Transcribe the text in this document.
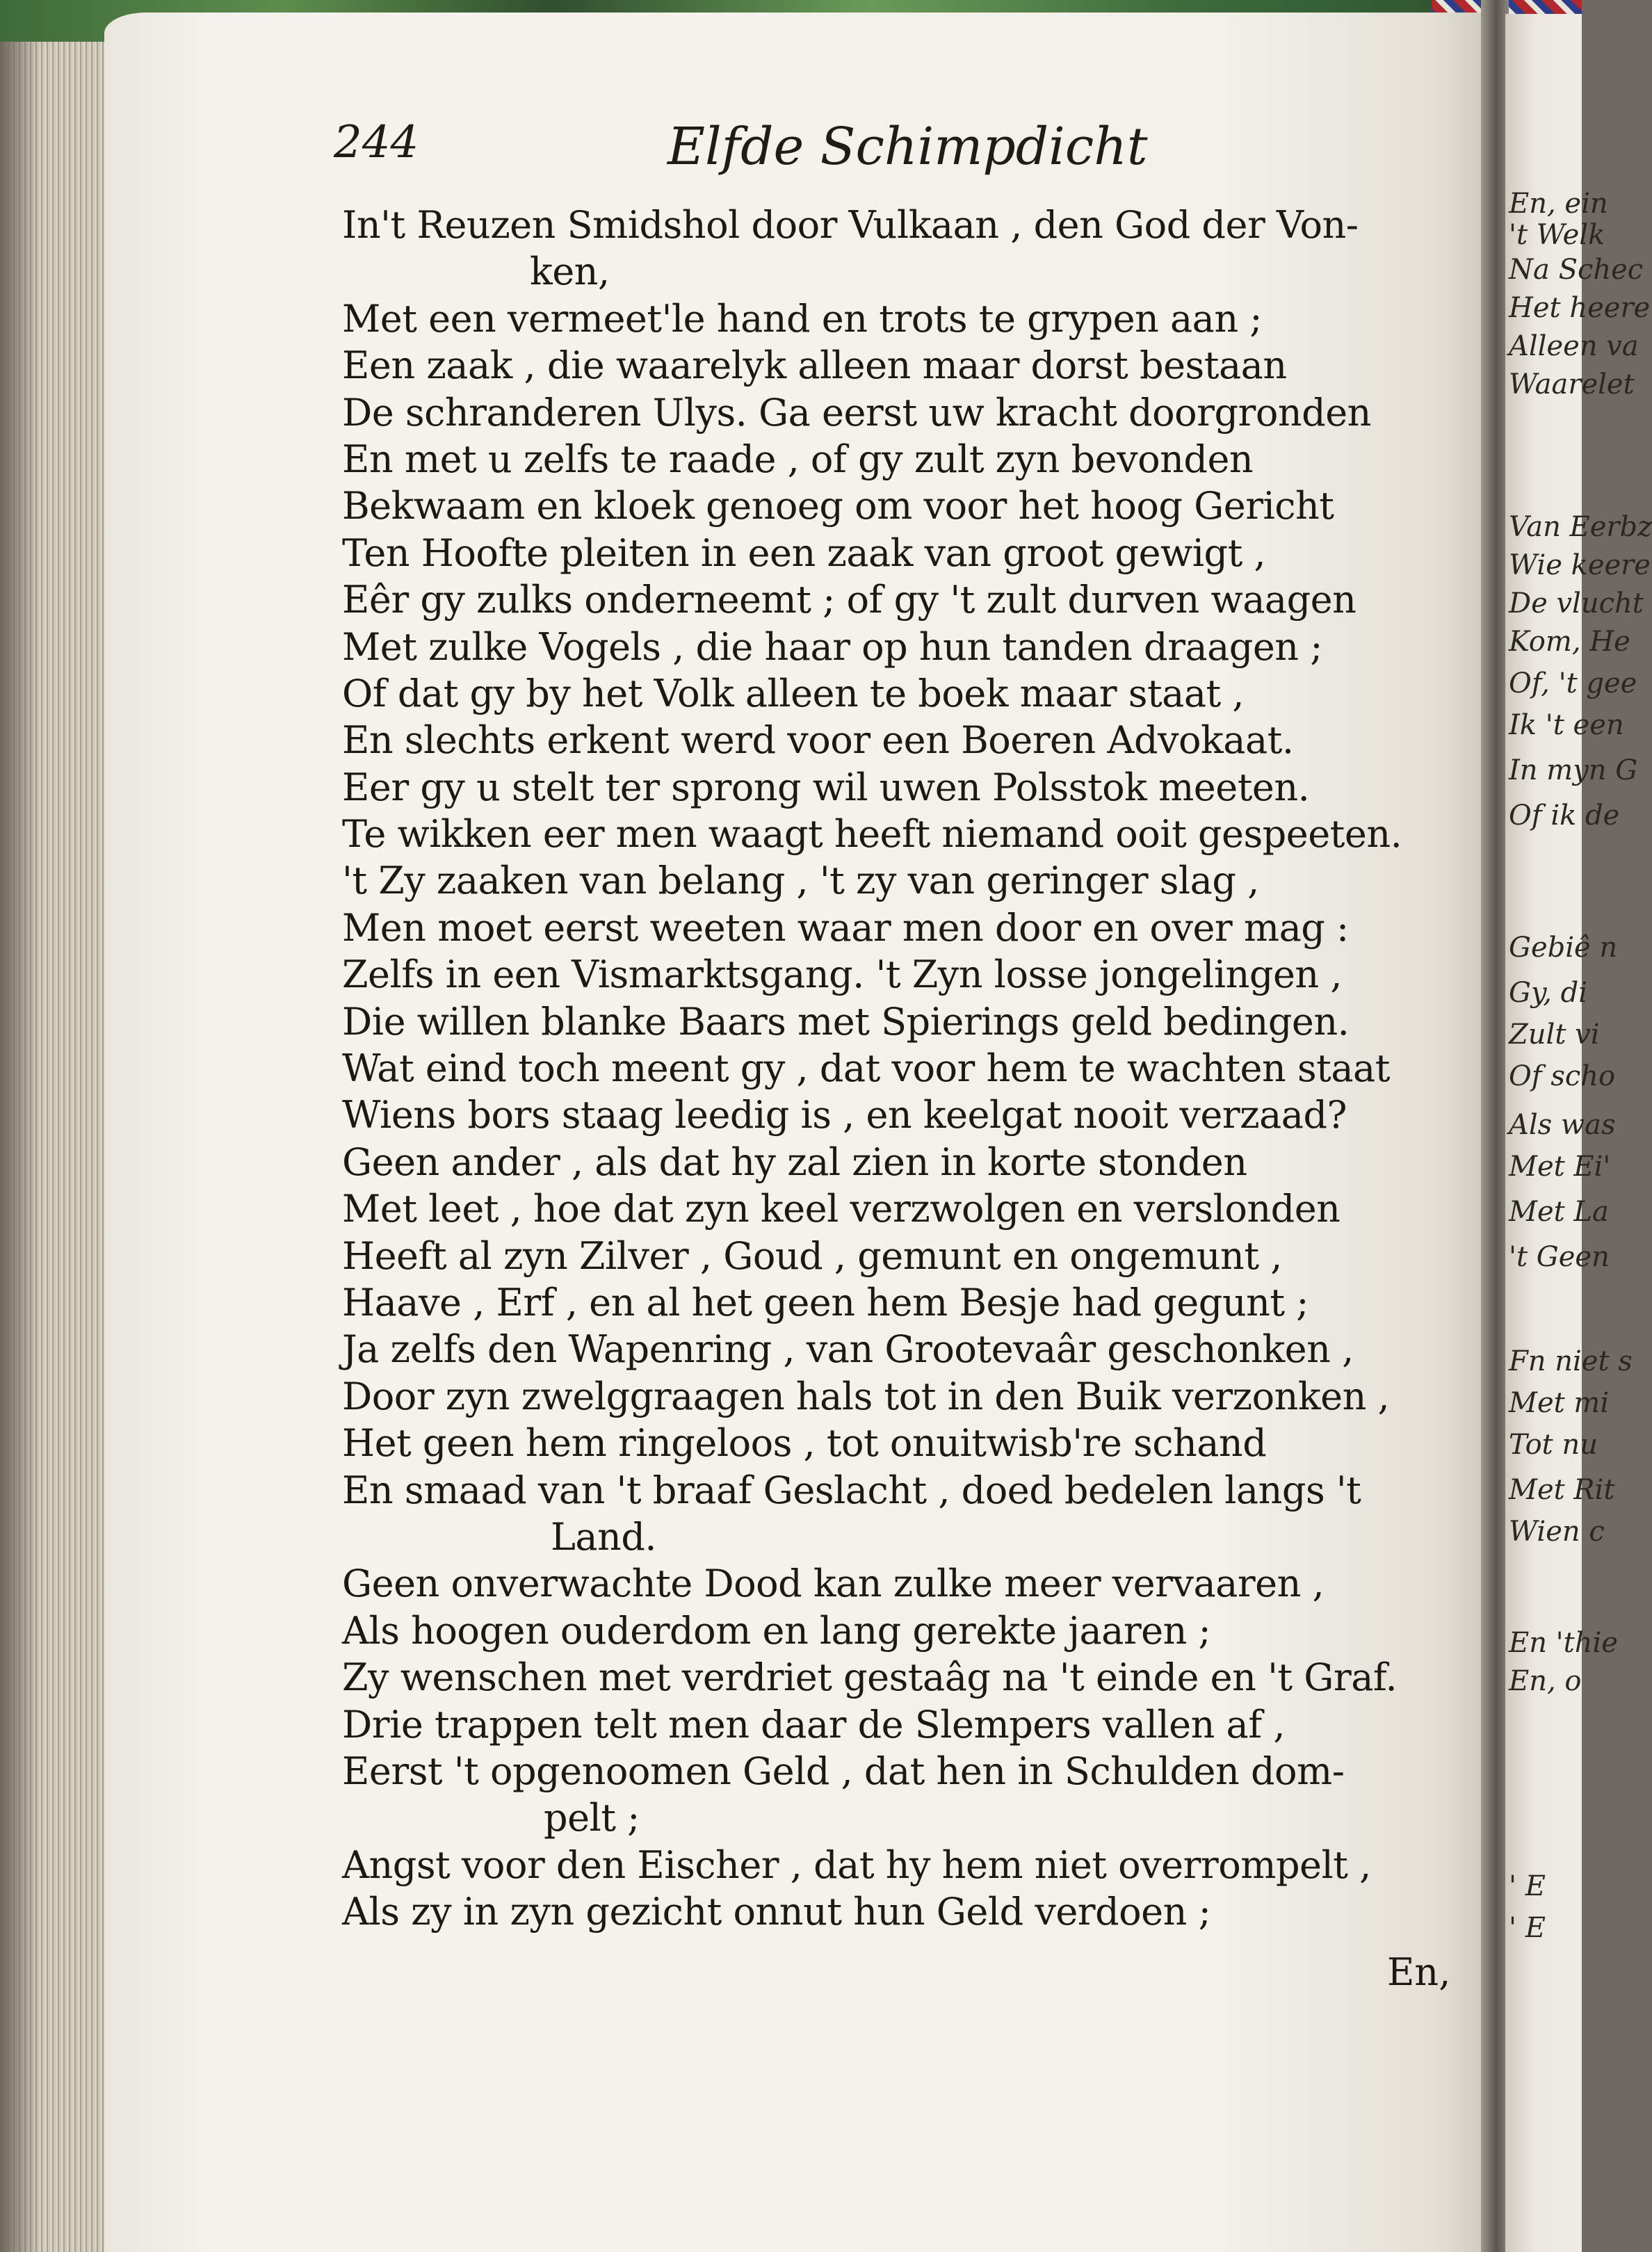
244	Elfde Schimpdicht
In't Reuzen Smidshol door Vulkaan , den God der Von-
ken,
Met een vermeet'le hand en trots te grypen aan ;
Een zaak , die waarelyk alleen maar dorst bestaan
De schranderen Ulys. Ga eerst uw kracht doorgronden
En met u zelfs te raade , of gy zult zyn bevonden
Bekwaam en kloek genoeg om voor het hoog Gericht
Ten Hoofte pleiten in een zaak van groot gewigt ,
Eêr gy zulks onderneemt ; of gy 't zult durven waagen
Met zulke Vogels , die haar op hun tanden draagen ;
Of dat gy by het Volk alleen te boek maar staat ,
En slechts erkent werd voor een Boeren Advokaat.
Eer gy u stelt ter sprong wil uwen Polsstok meeten.
Te wikken eer men waagt heeft niemand ooit gespeeten.
't Zy zaaken van belang , 't zy van geringer slag ,
Men moet eerst weeten waar men door en over mag :
Zelfs in een Vismarktsgang. 't Zyn losse jongelingen ,
Die willen blanke Baars met Spierings geld bedingen.
Wat eind toch meent gy , dat voor hem te wachten staat
Wiens bors staag leedig is , en keelgat nooit verzaad?
Geen ander , als dat hy zal zien in korte stonden
Met leet , hoe dat zyn keel verzwolgen en verslonden
Heeft al zyn Zilver , Goud , gemunt en ongemunt ,
Haave , Erf , en al het geen hem Besje had gegunt ;
Ja zelfs den Wapenring , van Grootevaâr geschonken ,
Door zyn zwelggraagen hals tot in den Buik verzonken ,
Het geen hem ringeloos , tot onuitwisb're schand
En smaad van 't braaf Geslacht , doed bedelen langs 't
Land.
Geen onverwachte Dood kan zulke meer vervaaren ,
Als hoogen ouderdom en lang gerekte jaaren ;
Zy wenschen met verdriet gestaâg na 't einde en 't Graf.
Drie trappen telt men daar de Slempers vallen af ,
Eerst 't opgenoomen Geld , dat hen in Schulden dom-
pelt ;
Angst voor den Eischer , dat hy hem niet overrompelt ,
Als zy in zyn gezicht onnut hun Geld verdoen ;
En,
En, ein
't Welk
Na Schec
Het heere
Alleen va
Waarelet
Van Eerbz
Wie keere
De vlucht
Kom, He
Of, 't gee
Ik 't een
In myn G
Of ik de
Gebiê n
Gy, di
Zult vi
Of scho
Als was
Met Ei'
Met La
't Geen
Fn niet s
Met mi
Tot nu
Met Rit
Wien c
En 'thie
En, o
' E
' E
